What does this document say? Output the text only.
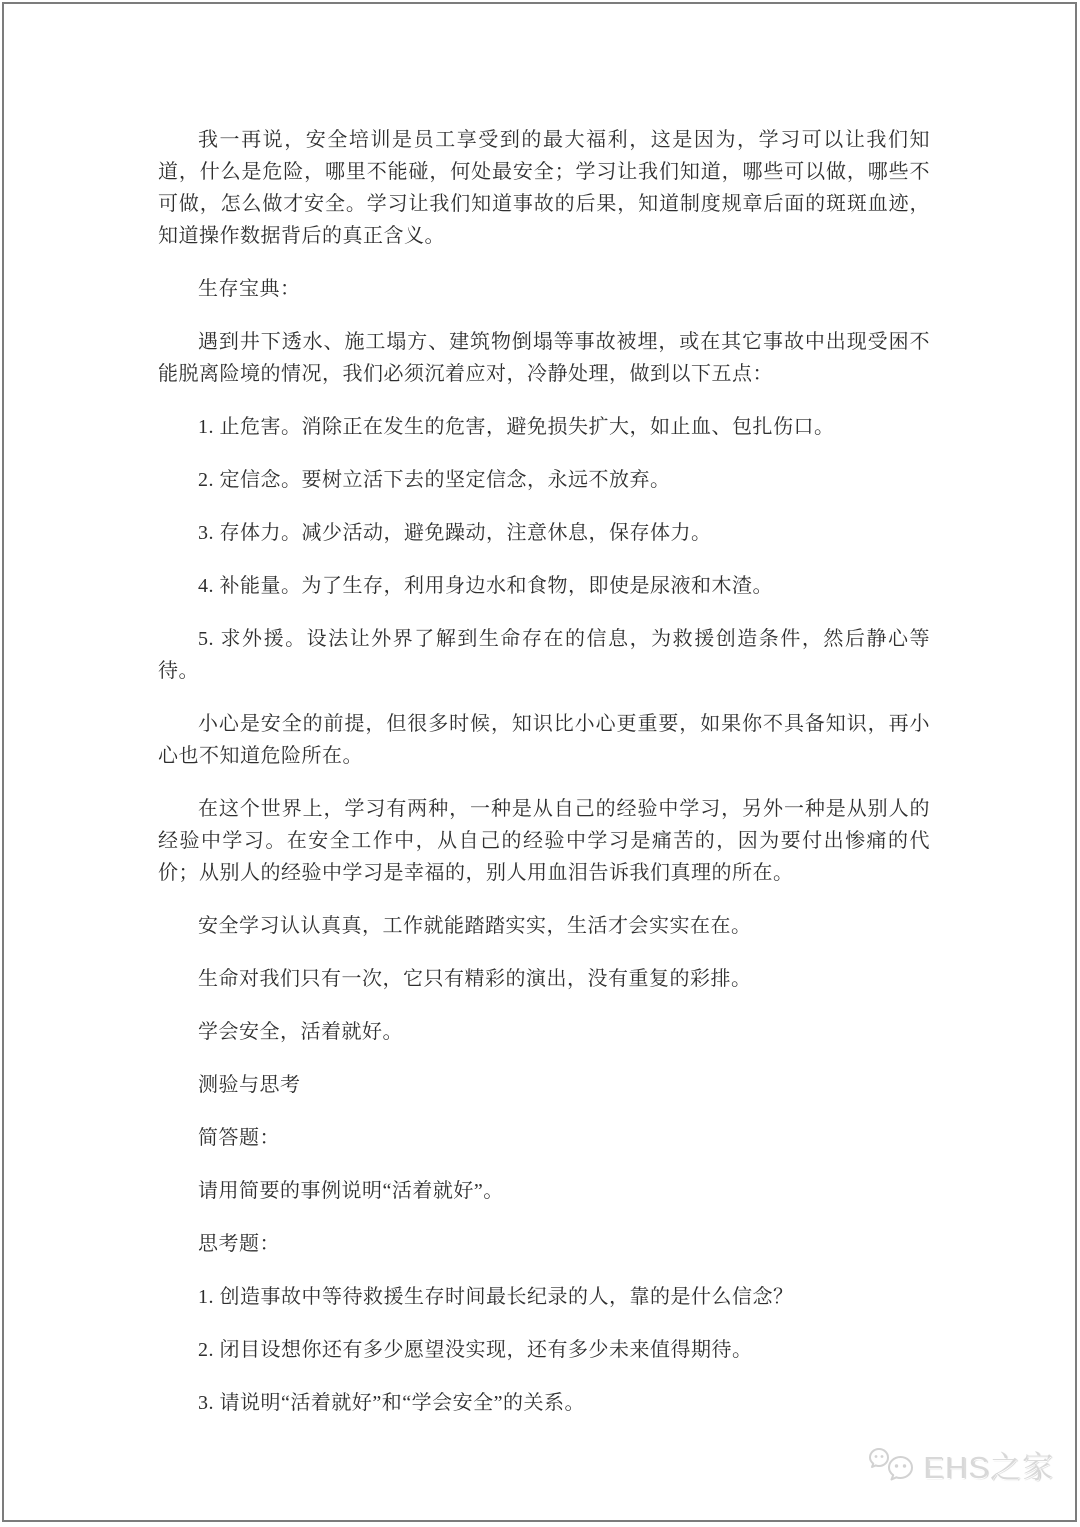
我一再说，安全培训是员工享受到的最大福利，这是因为，学习可以让我们知道，什么是危险，哪里不能碰，何处最安全；学习让我们知道，哪些可以做，哪些不可做，怎么做才安全。学习让我们知道事故的后果，知道制度规章后面的斑斑血迹，知道操作数据背后的真正含义。

生存宝典：

遇到井下透水、施工塌方、建筑物倒塌等事故被埋，或在其它事故中出现受困不能脱离险境的情况，我们必须沉着应对，冷静处理，做到以下五点：

1. 止危害。消除正在发生的危害，避免损失扩大，如止血、包扎伤口。

2. 定信念。要树立活下去的坚定信念，永远不放弃。

3. 存体力。减少活动，避免躁动，注意休息，保存体力。

4. 补能量。为了生存，利用身边水和食物，即使是尿液和木渣。

5. 求外援。设法让外界了解到生命存在的信息，为救援创造条件，然后静心等待。

小心是安全的前提，但很多时候，知识比小心更重要，如果你不具备知识，再小心也不知道危险所在。

在这个世界上，学习有两种，一种是从自己的经验中学习，另外一种是从别人的经验中学习。在安全工作中，从自己的经验中学习是痛苦的，因为要付出惨痛的代价；从别人的经验中学习是幸福的，别人用血泪告诉我们真理的所在。

安全学习认认真真，工作就能踏踏实实，生活才会实实在在。

生命对我们只有一次，它只有精彩的演出，没有重复的彩排。

学会安全，活着就好。

测验与思考

简答题：

请用简要的事例说明“活着就好”。

思考题：

1. 创造事故中等待救援生存时间最长纪录的人，靠的是什么信念？

2. 闭目设想你还有多少愿望没实现，还有多少未来值得期待。

3. 请说明“活着就好”和“学会安全”的关系。

EHS之家
